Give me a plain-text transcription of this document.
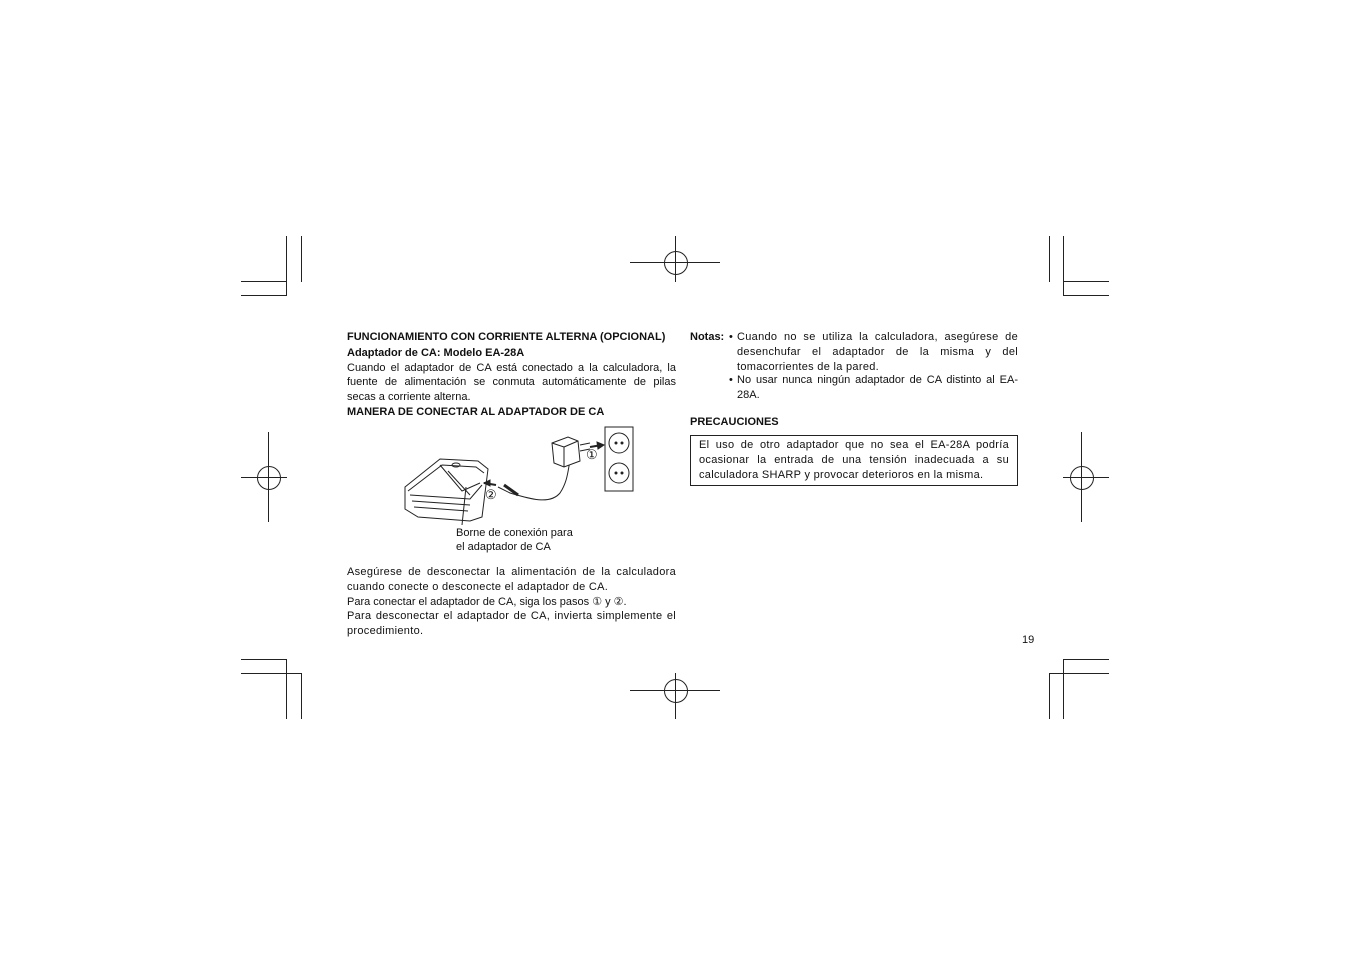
FUNCIONAMIENTO CON CORRIENTE ALTERNA (OPCIONAL)
Adaptador de CA: Modelo EA-28A
Cuando el adaptador de CA está conectado a la calculadora, la fuente de alimentación se conmuta automáticamente de pilas secas a corriente alterna.
MANERA DE CONECTAR AL ADAPTADOR DE CA
①
②
Borne de conexión para
el adaptador de CA
Asegúrese de desconectar la alimentación de la calculadora cuando conecte o desconecte el adaptador de CA.
Para conectar el adaptador de CA, siga los pasos ① y ②.
Para desconectar el adaptador de CA, invierta simplemente el procedimiento.
Notas: • Cuando no se utiliza la calculadora, asegúrese de desenchufar el adaptador de la misma y del tomacorrientes de la pared.
• No usar nunca ningún adaptador de CA distinto al EA-28A.
PRECAUCIONES
El uso de otro adaptador que no sea el EA-28A podría ocasionar la entrada de una tensión inadecuada a su calculadora SHARP y provocar deterioros en la misma.
19
